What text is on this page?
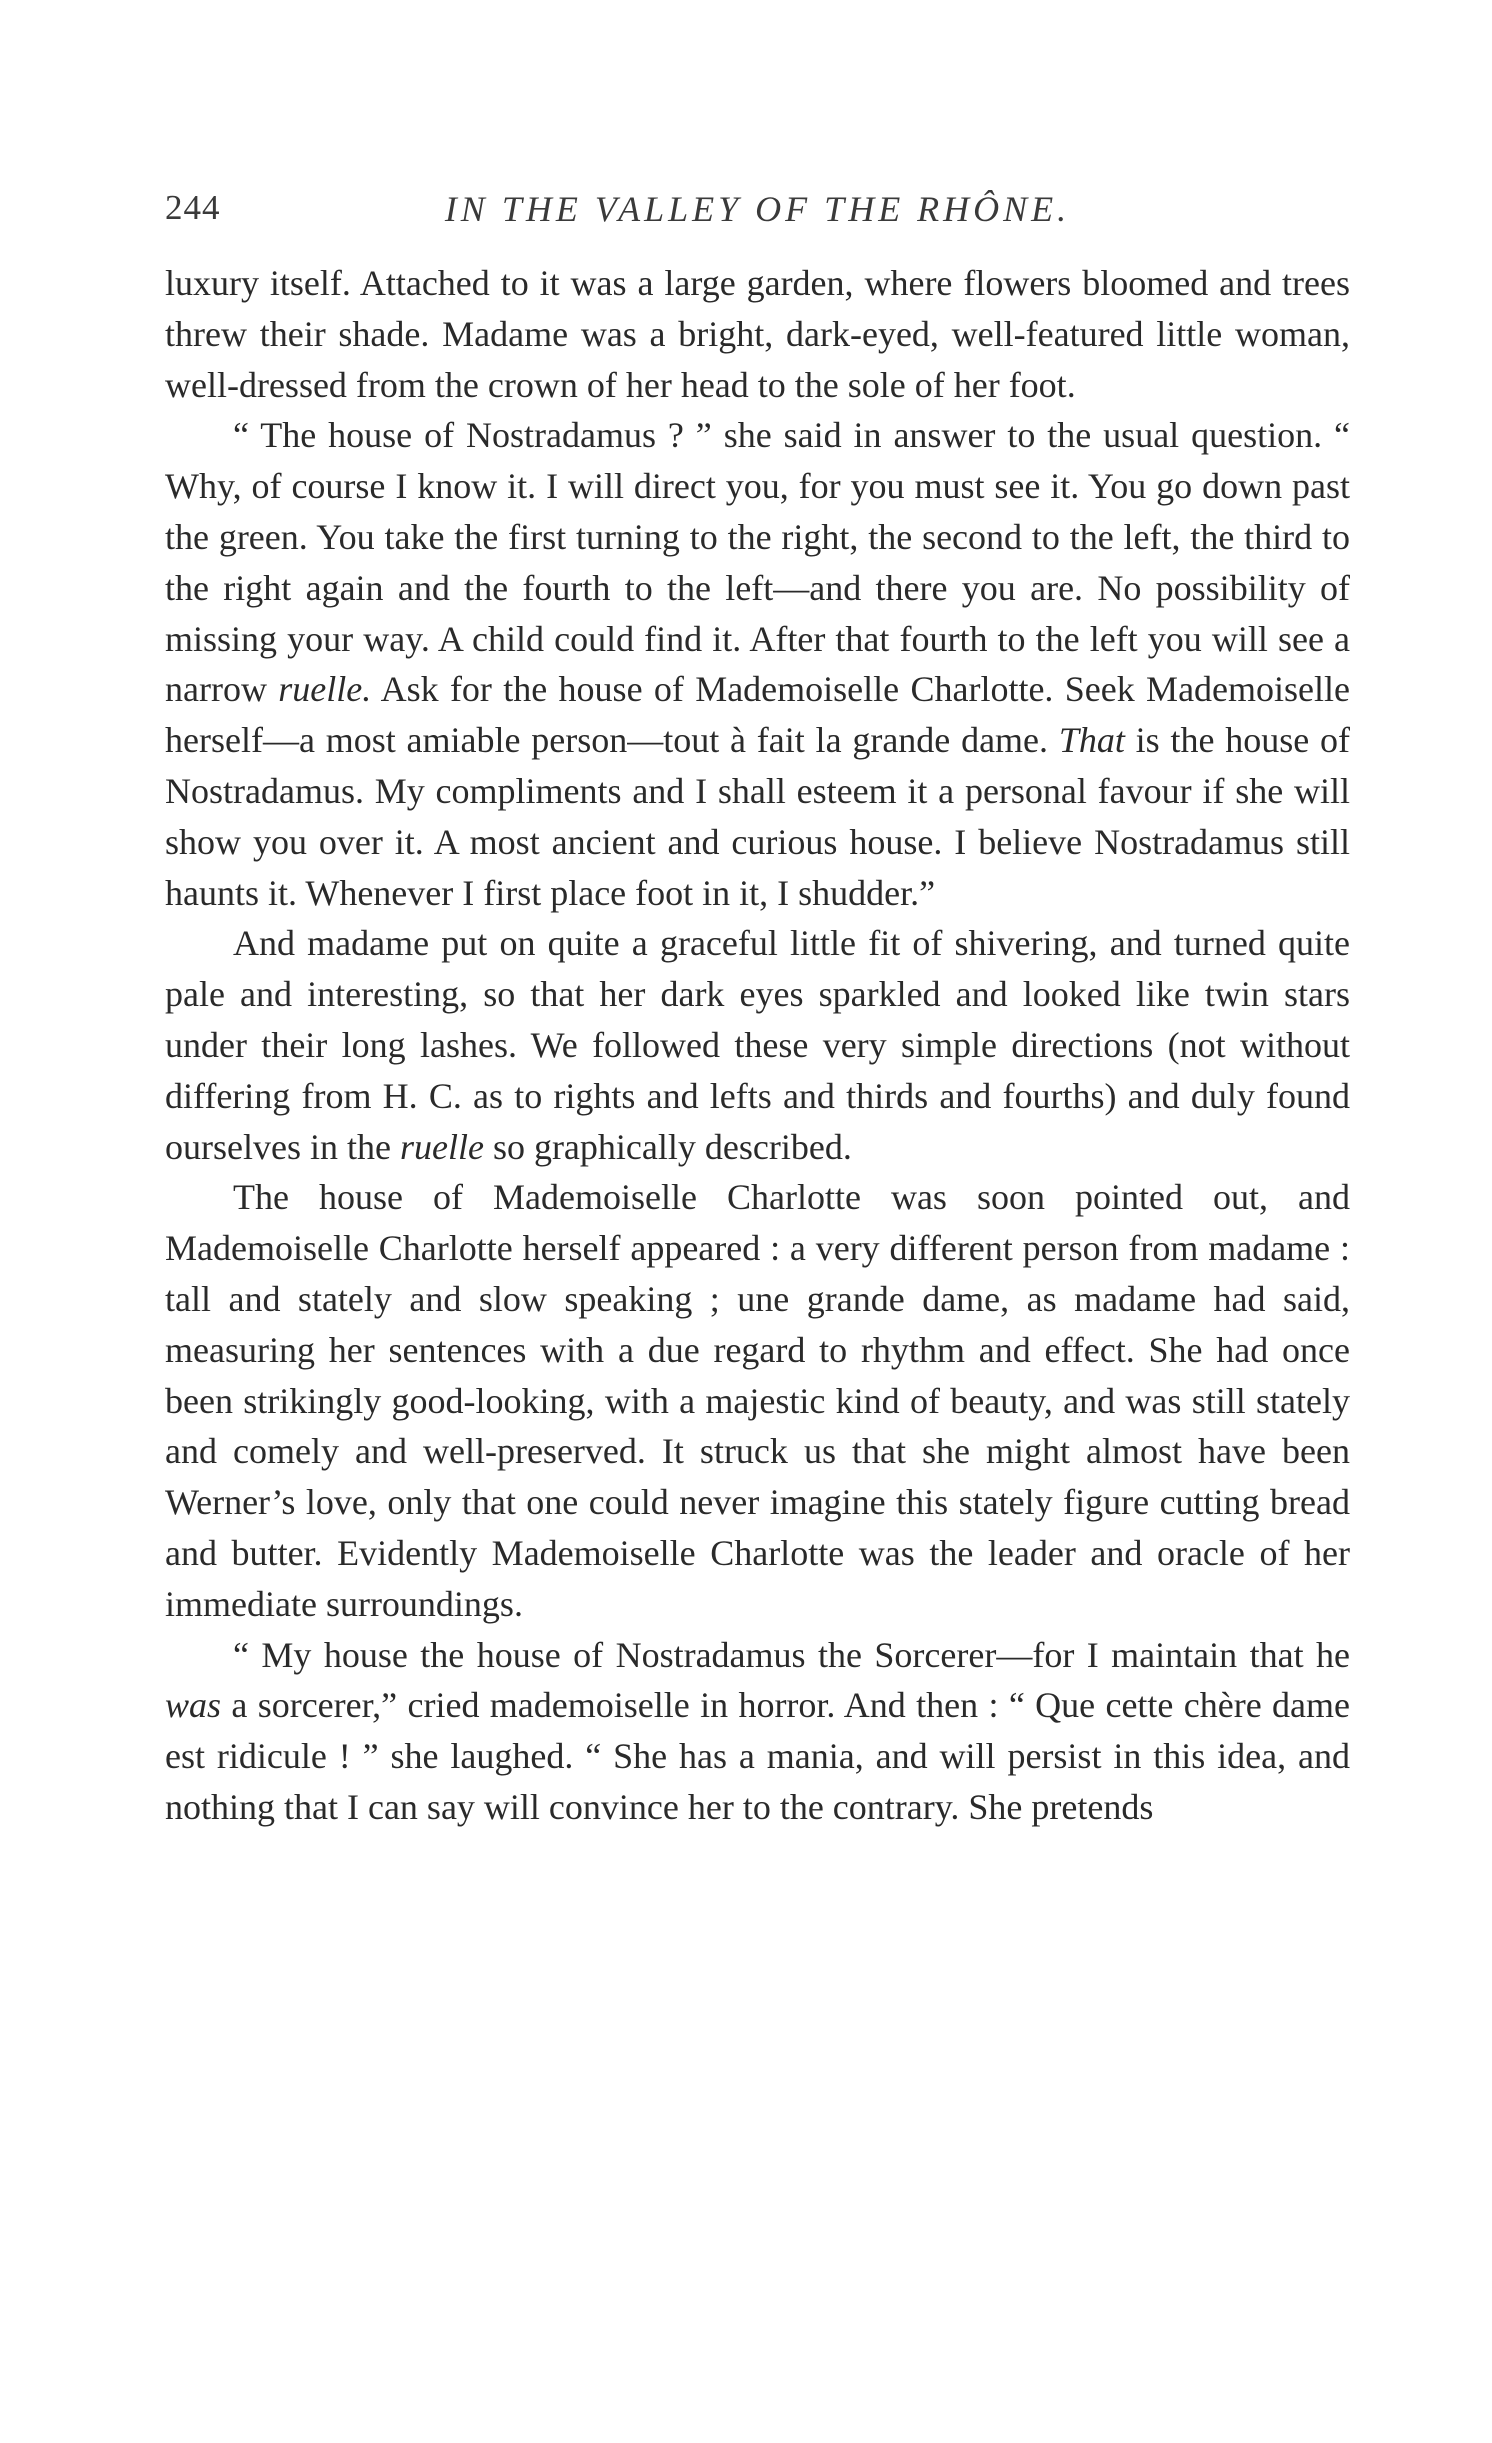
244	IN THE VALLEY OF THE RHÔNE.

luxury itself. Attached to it was a large garden, where flowers bloomed and trees threw their shade. Madame was a bright, dark-eyed, well-featured little woman, well-dressed from the crown of her head to the sole of her foot.

“ The house of Nostradamus ? ” she said in answer to the usual question. “ Why, of course I know it. I will direct you, for you must see it. You go down past the green. You take the first turning to the right, the second to the left, the third to the right again and the fourth to the left—and there you are. No possibility of missing your way. A child could find it. After that fourth to the left you will see a narrow ruelle. Ask for the house of Mademoiselle Charlotte. Seek Mademoiselle herself—a most amiable person—tout à fait la grande dame. That is the house of Nostradamus. My compliments and I shall esteem it a personal favour if she will show you over it. A most ancient and curious house. I believe Nostradamus still haunts it. Whenever I first place foot in it, I shudder.”

And madame put on quite a graceful little fit of shivering, and turned quite pale and interesting, so that her dark eyes sparkled and looked like twin stars under their long lashes. We followed these very simple directions (not without differing from H. C. as to rights and lefts and thirds and fourths) and duly found ourselves in the ruelle so graphically described.

The house of Mademoiselle Charlotte was soon pointed out, and Mademoiselle Charlotte herself appeared : a very different person from madame : tall and stately and slow speaking ; une grande dame, as madame had said, measuring her sentences with a due regard to rhythm and effect. She had once been strikingly good-looking, with a majestic kind of beauty, and was still stately and comely and well-preserved. It struck us that she might almost have been Werner’s love, only that one could never imagine this stately figure cutting bread and butter. Evidently Mademoiselle Charlotte was the leader and oracle of her immediate surroundings.

“ My house the house of Nostradamus the Sorcerer—for I maintain that he was a sorcerer,” cried mademoiselle in horror. And then : “ Que cette chère dame est ridicule ! ” she laughed. “ She has a mania, and will persist in this idea, and nothing that I can say will convince her to the contrary. She pretends
